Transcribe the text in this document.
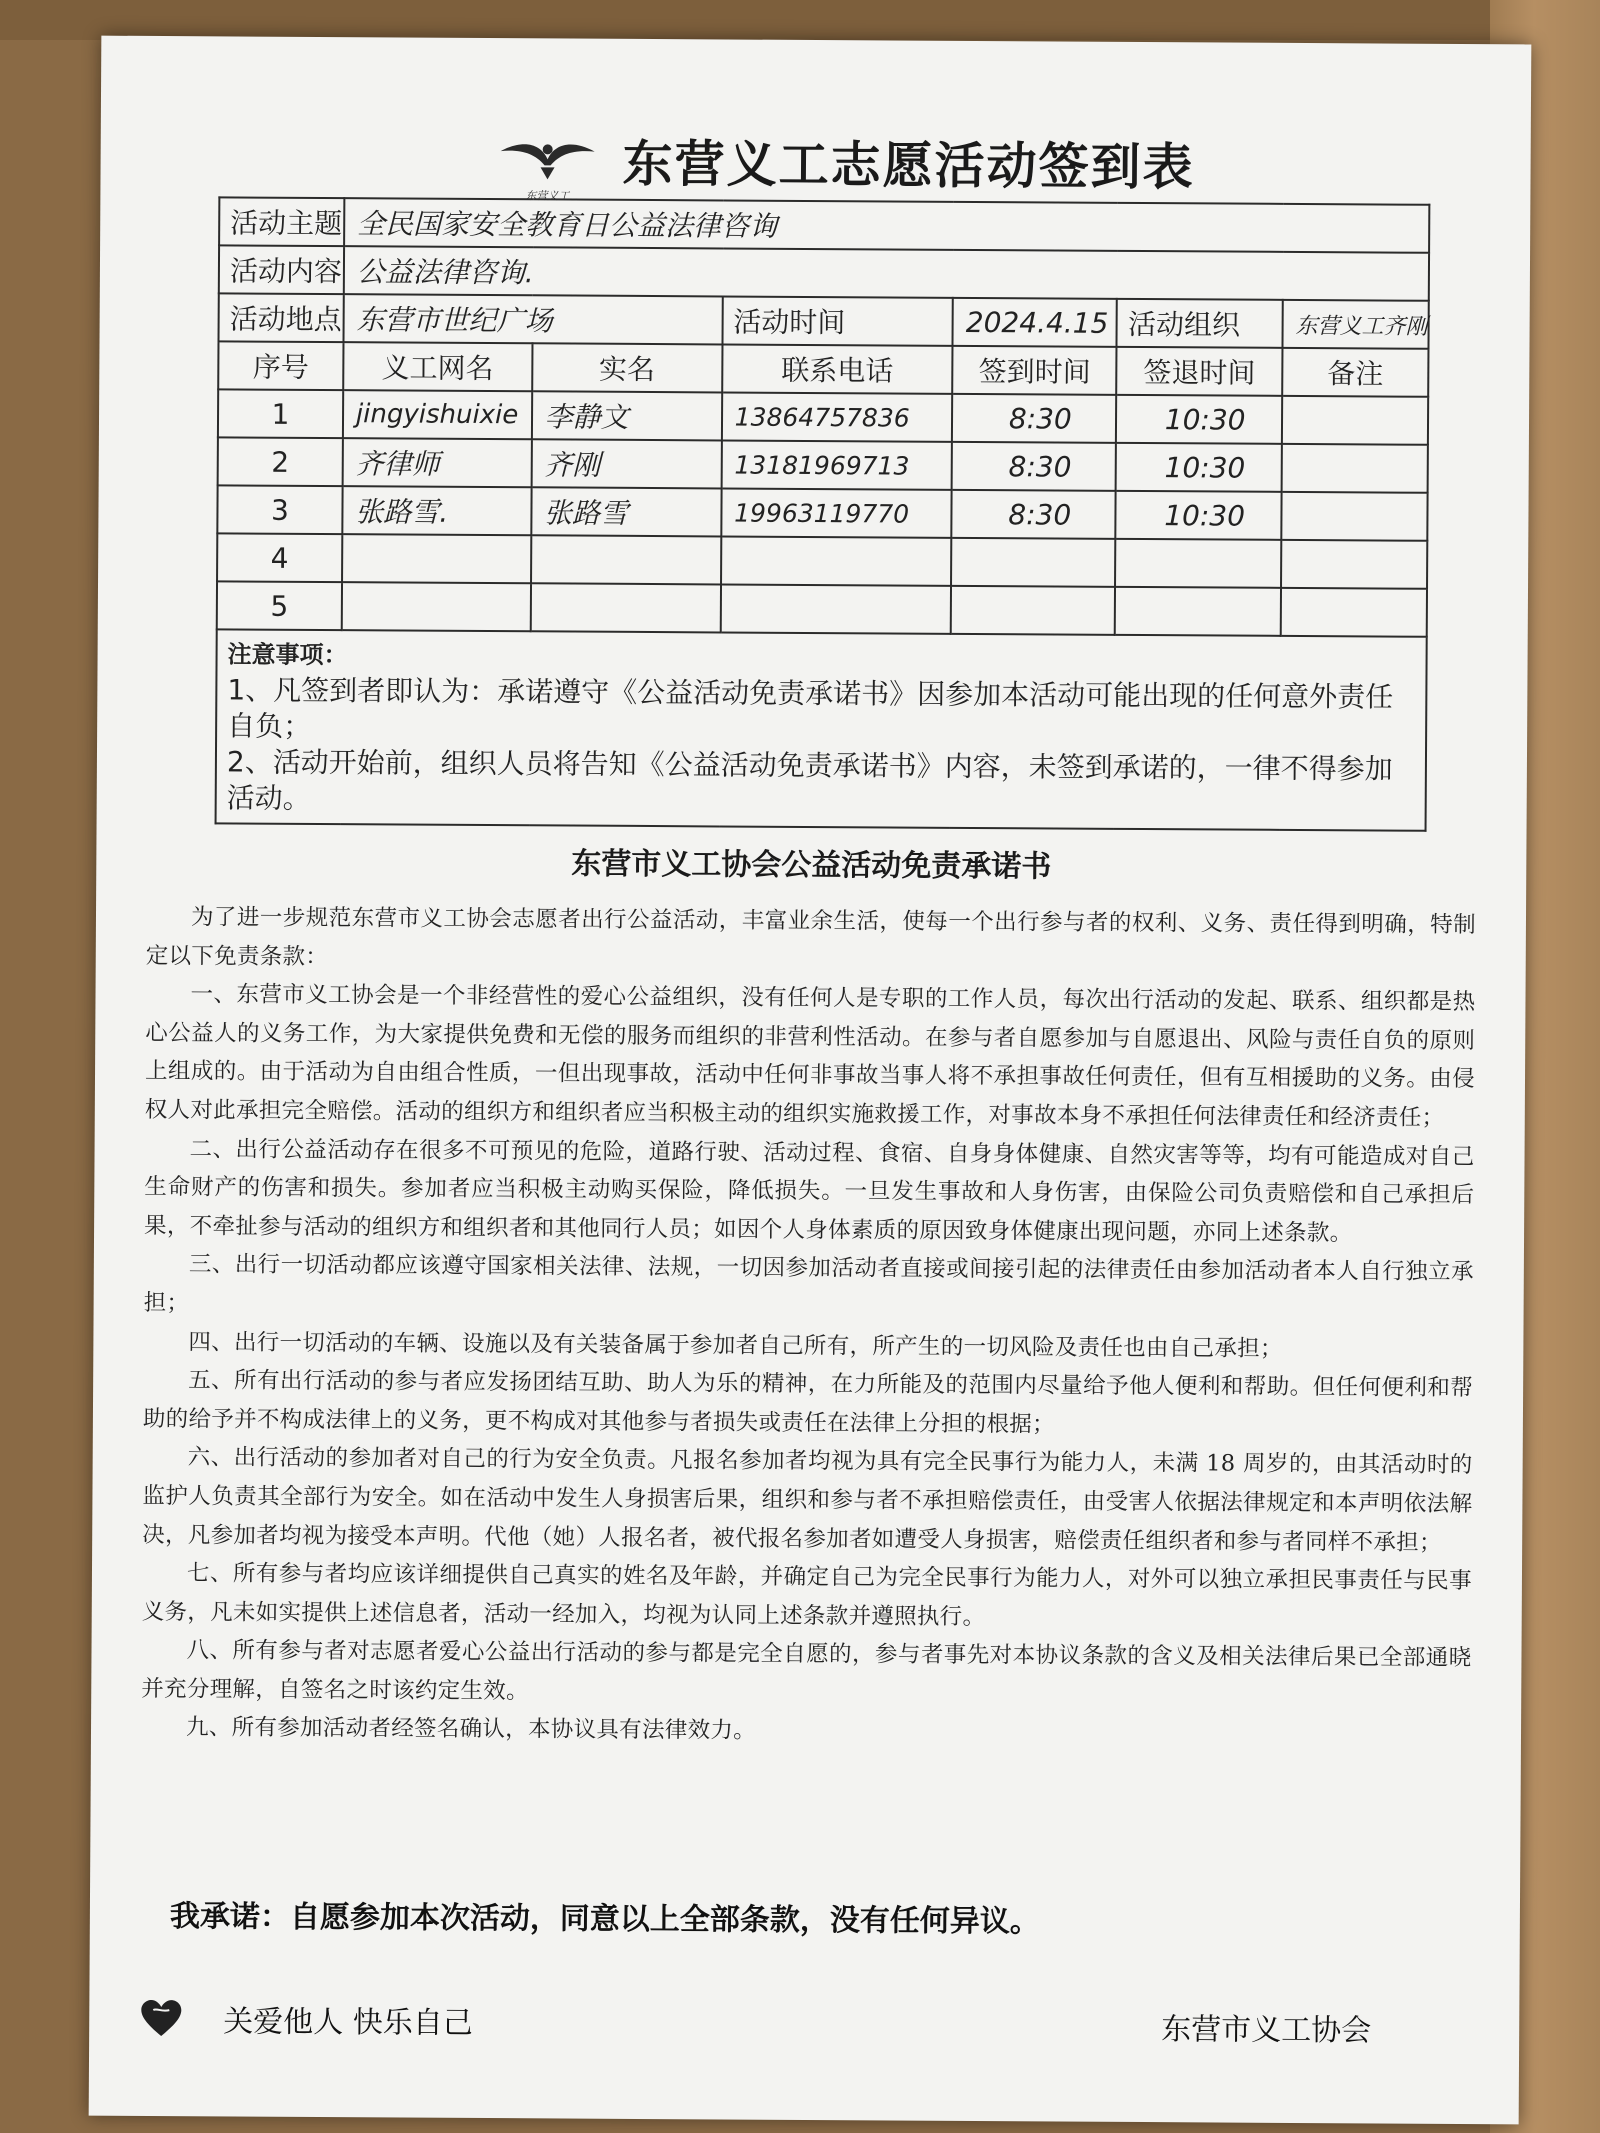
东营义工	东营义工志愿活动签到表
活动主题	全民国家安全教育日公益法律咨询					
活动内容	公益法律咨询.					
活动地点	东营市世纪广场		活动时间	2024.4.15	活动组织	东营义工齐刚
序号	义工网名	实名	联系电话	签到时间	签退时间	备注
1	jingyishuixie	李静文	13864757836	8:30	10:30	
2	齐律师	齐刚	13181969713	8:30	10:30	
3	张路雪.	张路雪	19963119770	8:30	10:30	
4						
5						

注意事项：
1、凡签到者即认为：承诺遵守《公益活动免责承诺书》因参加本活动可能出现的任何意外责任自负；
2、活动开始前，组织人员将告知《公益活动免责承诺书》内容，未签到承诺的，一律不得参加活动。						
东营市义工协会公益活动免责承诺书

为了进一步规范东营市义工协会志愿者出行公益活动，丰富业余生活，使每一个出行参与者的权利、义务、责任得到明确，特制定以下免责条款：

一、东营市义工协会是一个非经营性的爱心公益组织，没有任何人是专职的工作人员，每次出行活动的发起、联系、组织都是热心公益人的义务工作，为大家提供免费和无偿的服务而组织的非营利性活动。在参与者自愿参加与自愿退出、风险与责任自负的原则上组成的。由于活动为自由组合性质，一但出现事故，活动中任何非事故当事人将不承担事故任何责任，但有互相援助的义务。由侵权人对此承担完全赔偿。活动的组织方和组织者应当积极主动的组织实施救援工作，对事故本身不承担任何法律责任和经济责任；

二、出行公益活动存在很多不可预见的危险，道路行驶、活动过程、食宿、自身身体健康、自然灾害等等，均有可能造成对自己生命财产的伤害和损失。参加者应当积极主动购买保险，降低损失。一旦发生事故和人身伤害，由保险公司负责赔偿和自己承担后果，不牵扯参与活动的组织方和组织者和其他同行人员；如因个人身体素质的原因致身体健康出现问题，亦同上述条款。

三、出行一切活动都应该遵守国家相关法律、法规，一切因参加活动者直接或间接引起的法律责任由参加活动者本人自行独立承担；

四、出行一切活动的车辆、设施以及有关装备属于参加者自己所有，所产生的一切风险及责任也由自己承担；

五、所有出行活动的参与者应发扬团结互助、助人为乐的精神，在力所能及的范围内尽量给予他人便利和帮助。但任何便利和帮助的给予并不构成法律上的义务，更不构成对其他参与者损失或责任在法律上分担的根据；

六、出行活动的参加者对自己的行为安全负责。凡报名参加者均视为具有完全民事行为能力人，未满 18 周岁的，由其活动时的监护人负责其全部行为安全。如在活动中发生人身损害后果，组织和参与者不承担赔偿责任，由受害人依据法律规定和本声明依法解决，凡参加者均视为接受本声明。代他（她）人报名者，被代报名参加者如遭受人身损害，赔偿责任组织者和参与者同样不承担；

七、所有参与者均应该详细提供自己真实的姓名及年龄，并确定自己为完全民事行为能力人，对外可以独立承担民事责任与民事义务，凡未如实提供上述信息者，活动一经加入，均视为认同上述条款并遵照执行。

八、所有参与者对志愿者爱心公益出行活动的参与都是完全自愿的，参与者事先对本协议条款的含义及相关法律后果已全部通晓并充分理解，自签名之时该约定生效。

九、所有参加活动者经签名确认，本协议具有法律效力。

我承诺：自愿参加本次活动，同意以上全部条款，没有任何异议。
关爱他人 快乐自己	东营市义工协会
